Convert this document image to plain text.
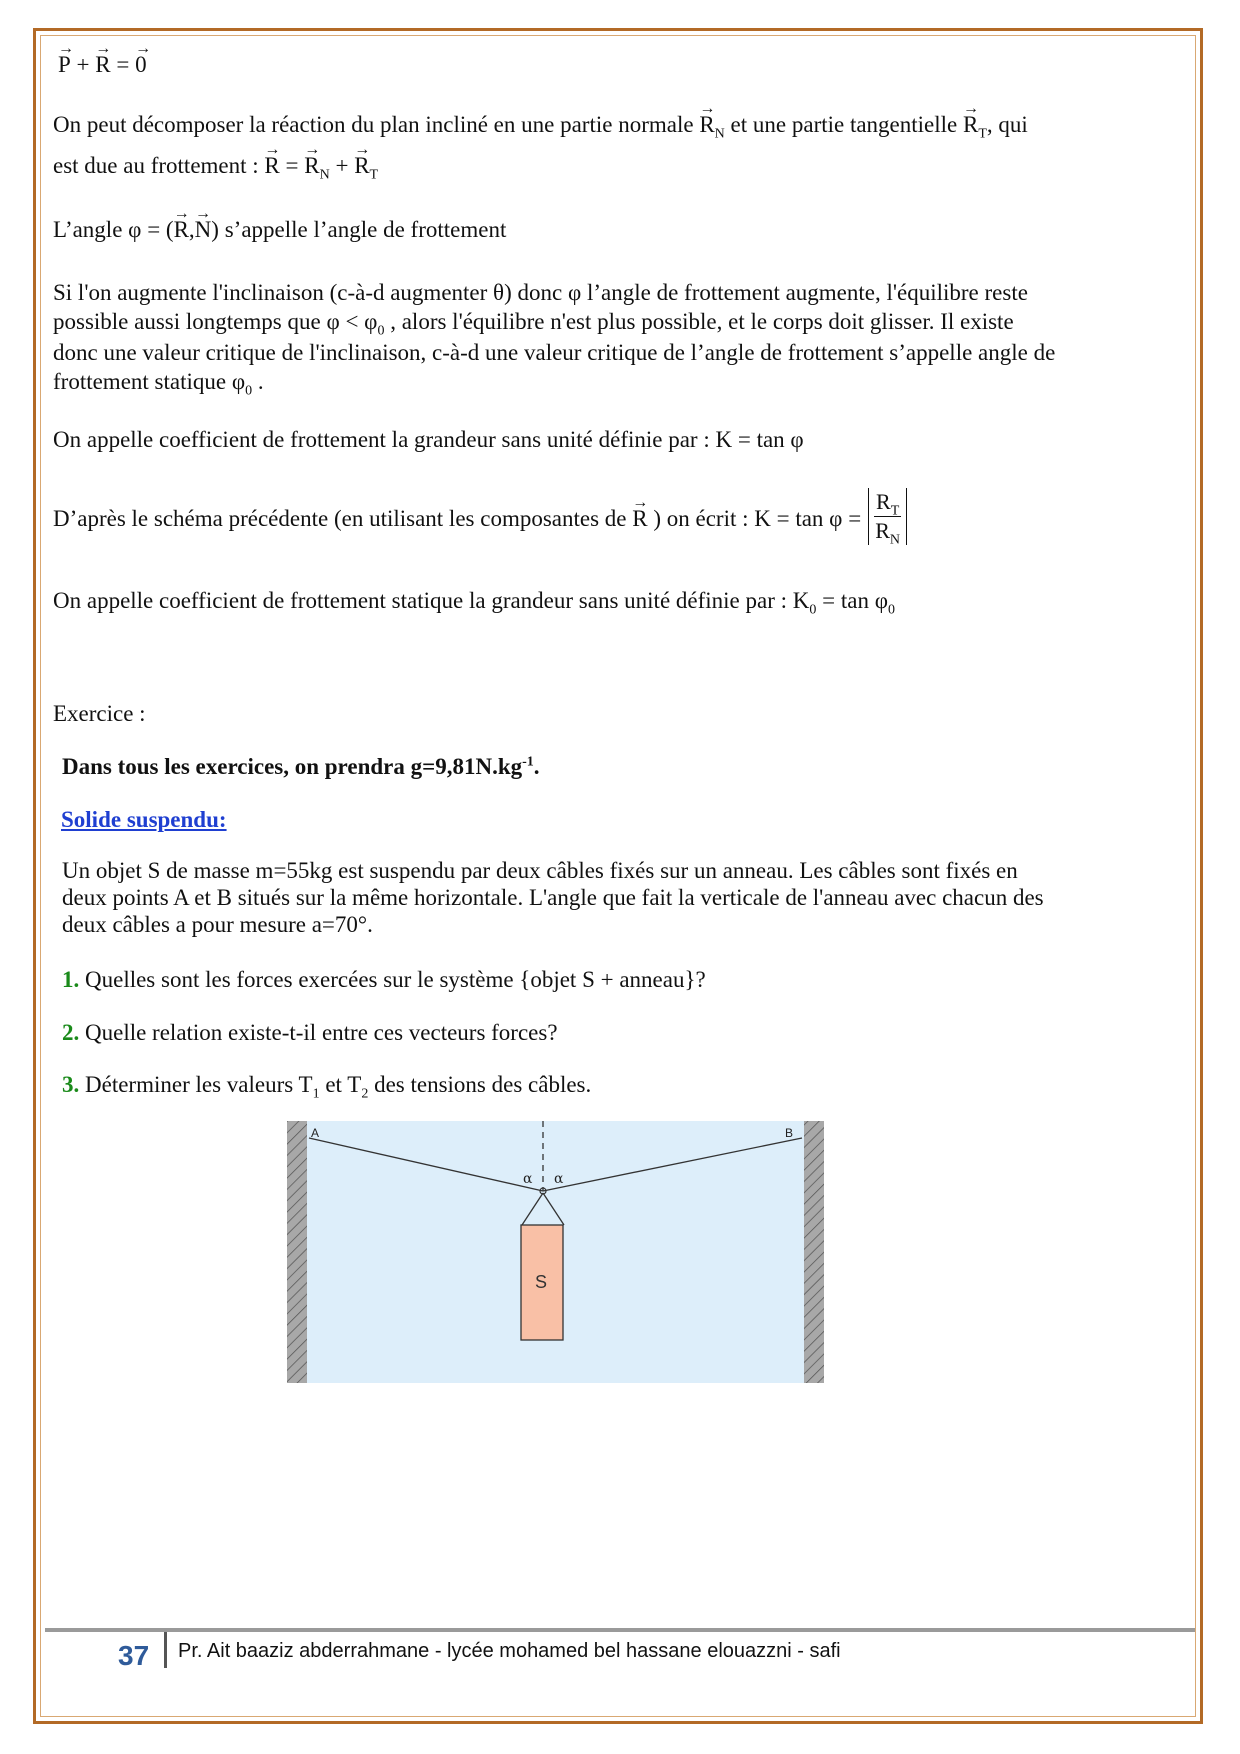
→ P + → R = → 0
On peut décomposer la réaction du plan incliné en une partie normale → $R_N$ et une partie tangentielle → $R_T$, qui
est due au frottement : → R = → $R_N$ + → $R_T$
L’angle φ = (→ R,→ N) s’appelle l’angle de frottement
Si l'on augmente l'inclinaison (c-à-d augmenter θ) donc φ l’angle de frottement augmente, l'équilibre reste
possible aussi longtemps que $\varphi < \varphi_0$ , alors l'équilibre n'est plus possible, et le corps doit glisser. Il existe
donc une valeur critique de l'inclinaison, c-à-d une valeur critique de l’angle de frottement s’appelle angle de
frottement statique $\varphi_0$ .
On appelle coefficient de frottement la grandeur sans unité définie par : K = tan φ
D’après le schéma précédente (en utilisant les composantes de → R ) on écrit : $K = \tan \varphi = \frac{R_T}{R_N}$
On appelle coefficient de frottement statique la grandeur sans unité définie par : $K_0 = \tan \varphi_0$
Exercice :
Dans tous les exercices, on prendra $g=9,81N.kg^{-1}$.
Solide suspendu:
Un objet S de masse m=55kg est suspendu par deux câbles fixés sur un anneau. Les câbles sont fixés en
deux points A et B situés sur la même horizontale. L'angle que fait la verticale de l'anneau avec chacun des
deux câbles a pour mesure a=70°.
1. Quelles sont les forces exercées sur le système {objet S + anneau}?
2. Quelle relation existe-t-il entre ces vecteurs forces?
3. Déterminer les valeurs $T_1$ et $T_2$ des tensions des câbles.
A	B
α α
S
37 Pr. Ait baaziz abderrahmane - lycée mohamed bel hassane elouazzni - safi
